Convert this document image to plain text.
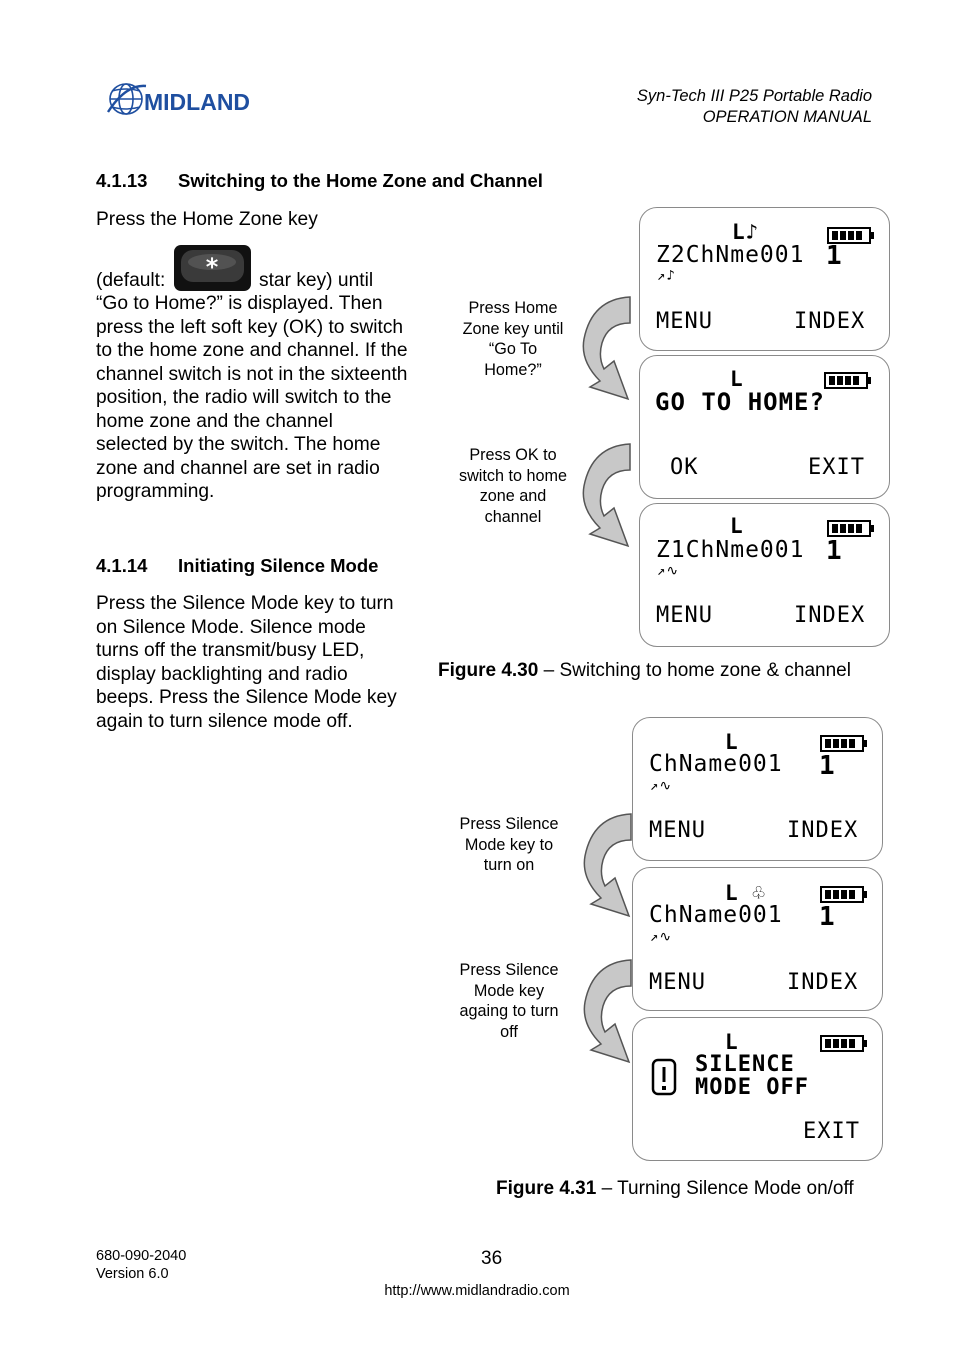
MIDLAND	Syn-Tech III P25 Portable Radio
OPERATION MANUAL
4.1.13 Switching to the Home Zone and Channel
Press the Home Zone key
(default: * star key) until
“Go to Home?” is displayed. Then press the left soft key (OK) to switch to the home zone and channel. If the channel switch is not in the sixteenth position, the radio will switch to the home zone and the channel selected by the switch. The home zone and channel are set in radio programming.
4.1.14 Initiating Silence Mode
Press the Silence Mode key to turn on Silence Mode. Silence mode turns off the transmit/busy LED, display backlighting and radio beeps. Press the Silence Mode key again to turn silence mode off.
L♪
Z2ChNme001 1
↗♪
MENU	INDEX
L
GO TO HOME?
OK	EXIT
L
Z1ChNme001 1
↗∿
MENU	INDEX
Press Home Zone key until “Go To Home?”
Press OK to switch to home zone and channel
Figure 4.30 – Switching to home zone & channel
L
ChName001 1
↗∿
MENU	INDEX
L ♧
ChName001 1
↗∿
MENU	INDEX
L
SILENCE
MODE OFF
EXIT
Press Silence Mode key to turn on
Press Silence Mode key againg to turn off
Figure 4.31 – Turning Silence Mode on/off
680-090-2040
Version 6.0
36
http://www.midlandradio.com
